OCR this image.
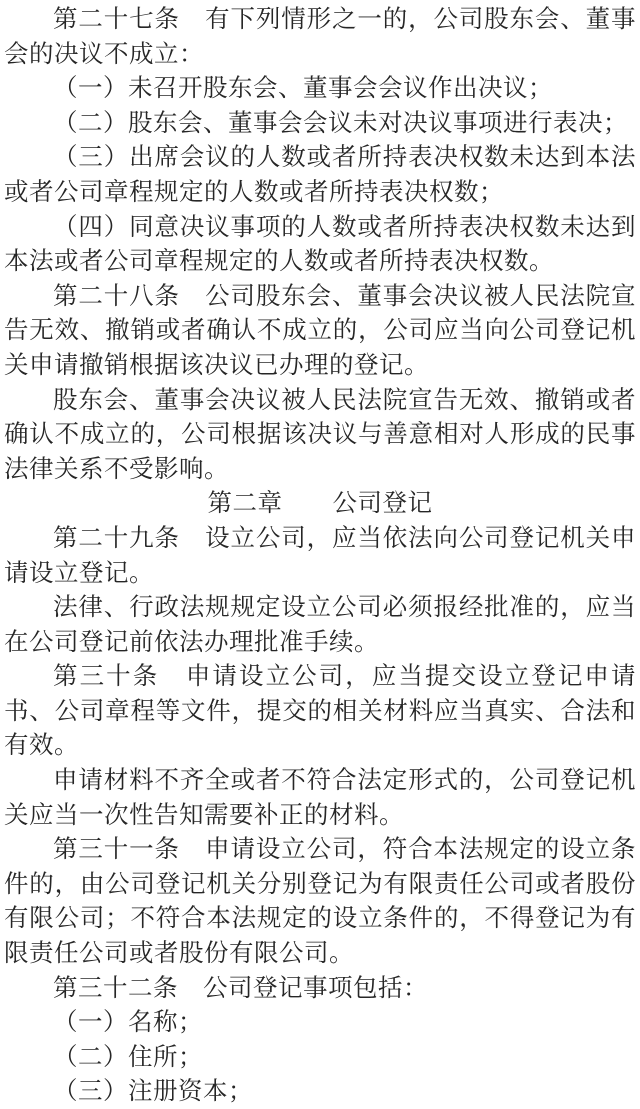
第二十七条　有下列情形之一的，公司股东会、董事会的决议不成立：

（一）未召开股东会、董事会会议作出决议；

（二）股东会、董事会会议未对决议事项进行表决；

（三）出席会议的人数或者所持表决权数未达到本法或者公司章程规定的人数或者所持表决权数；

（四）同意决议事项的人数或者所持表决权数未达到本法或者公司章程规定的人数或者所持表决权数。

第二十八条　公司股东会、董事会决议被人民法院宣告无效、撤销或者确认不成立的，公司应当向公司登记机关申请撤销根据该决议已办理的登记。

股东会、董事会决议被人民法院宣告无效、撤销或者确认不成立的，公司根据该决议与善意相对人形成的民事法律关系不受影响。

第二章　　公司登记

第二十九条　设立公司，应当依法向公司登记机关申请设立登记。

法律、行政法规规定设立公司必须报经批准的，应当在公司登记前依法办理批准手续。

第三十条　申请设立公司，应当提交设立登记申请书、公司章程等文件，提交的相关材料应当真实、合法和有效。

申请材料不齐全或者不符合法定形式的，公司登记机关应当一次性告知需要补正的材料。

第三十一条　申请设立公司，符合本法规定的设立条件的，由公司登记机关分别登记为有限责任公司或者股份有限公司；不符合本法规定的设立条件的，不得登记为有限责任公司或者股份有限公司。

第三十二条　公司登记事项包括：

（一）名称；

（二）住所；

（三）注册资本；
